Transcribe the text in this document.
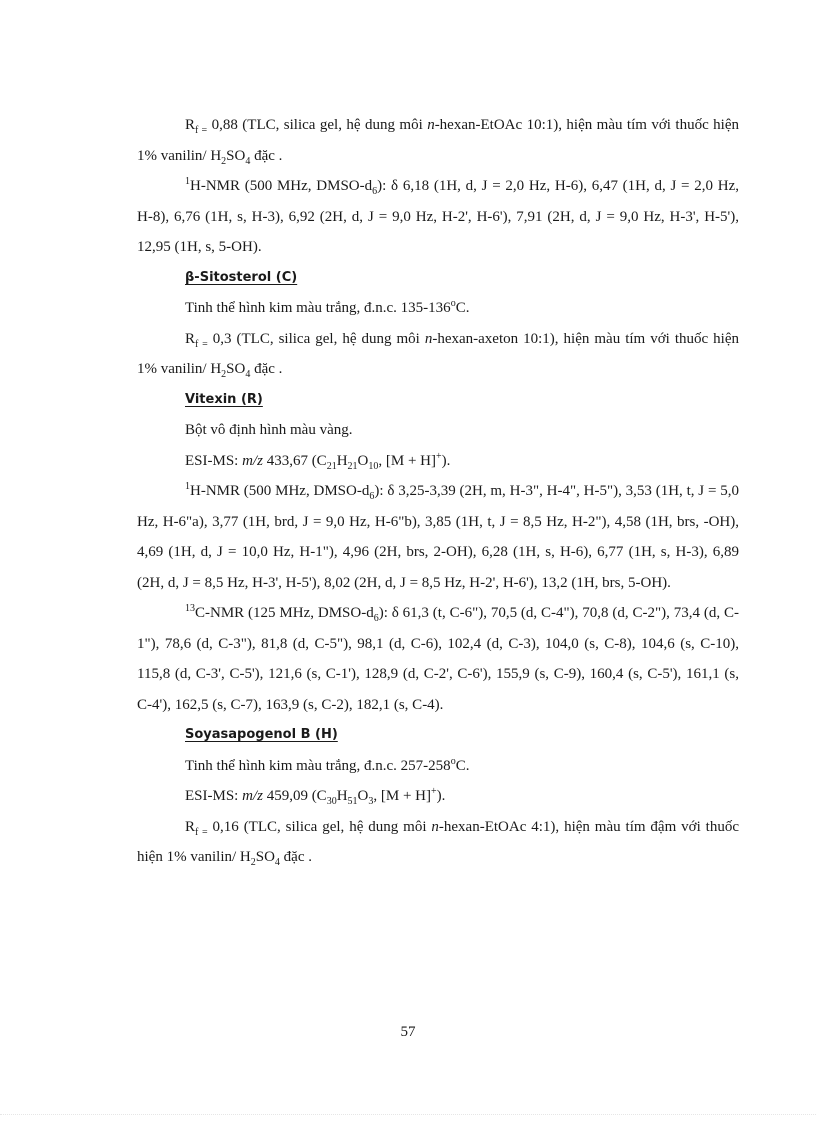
$R_{f =}$ 0,88 (TLC, silica gel, hệ dung môi n-hexan-EtOAc 10:1), hiện màu tím với thuốc hiện 1% vanilin/ $H_2SO_4$ đặc .

$^1$H-NMR (500 MHz, DMSO-$d_6$): δ 6,18 (1H, d, J = 2,0 Hz, H-6), 6,47 (1H, d, J = 2,0 Hz, H-8), 6,76 (1H, s, H-3), 6,92 (2H, d, J = 9,0 Hz, H-2', H-6'), 7,91 (2H, d, J = 9,0 Hz, H-3', H-5'), 12,95 (1H, s, 5-OH).

β-Sitosterol (C)

Tinh thể hình kim màu trắng, đ.n.c. 135-136$^o$C.

$R_{f =}$ 0,3 (TLC, silica gel, hệ dung môi n-hexan-axeton 10:1), hiện màu tím với thuốc hiện 1% vanilin/ $H_2SO_4$ đặc .

Vitexin (R)

Bột vô định hình màu vàng.

ESI-MS: m/z 433,67 ($C_{21}H_{21}O_{10}$, [M + H]+).

$^1$H-NMR (500 MHz, DMSO-$d_6$): δ 3,25-3,39 (2H, m, H-3", H-4", H-5"), 3,53 (1H, t, J = 5,0 Hz, H-6"a), 3,77 (1H, brd, J = 9,0 Hz, H-6"b), 3,85 (1H, t, J = 8,5 Hz, H-2"), 4,58 (1H, brs, -OH), 4,69 (1H, d, J = 10,0 Hz, H-1"), 4,96 (2H, brs, 2-OH), 6,28 (1H, s, H-6), 6,77 (1H, s, H-3), 6,89 (2H, d, J = 8,5 Hz, H-3', H-5'), 8,02 (2H, d, J = 8,5 Hz, H-2', H-6'), 13,2 (1H, brs, 5-OH).

$^{13}$C-NMR (125 MHz, DMSO-$d_6$): δ 61,3 (t, C-6"), 70,5 (d, C-4"), 70,8 (d, C-2"), 73,4 (d, C-1"), 78,6 (d, C-3"), 81,8 (d, C-5"), 98,1 (d, C-6), 102,4 (d, C-3), 104,0 (s, C-8), 104,6 (s, C-10), 115,8 (d, C-3', C-5'), 121,6 (s, C-1'), 128,9 (d, C-2', C-6'), 155,9 (s, C-9), 160,4 (s, C-5'), 161,1 (s, C-4'), 162,5 (s, C-7), 163,9 (s, C-2), 182,1 (s, C-4).

Soyasapogenol B (H)

Tinh thể hình kim màu trắng, đ.n.c. 257-258$^o$C.

ESI-MS: m/z 459,09 ($C_{30}H_{51}O_3$, [M + H]+).

$R_{f =}$ 0,16 (TLC, silica gel, hệ dung môi n-hexan-EtOAc 4:1), hiện màu tím đậm với thuốc hiện 1% vanilin/ $H_2SO_4$ đặc .

57
